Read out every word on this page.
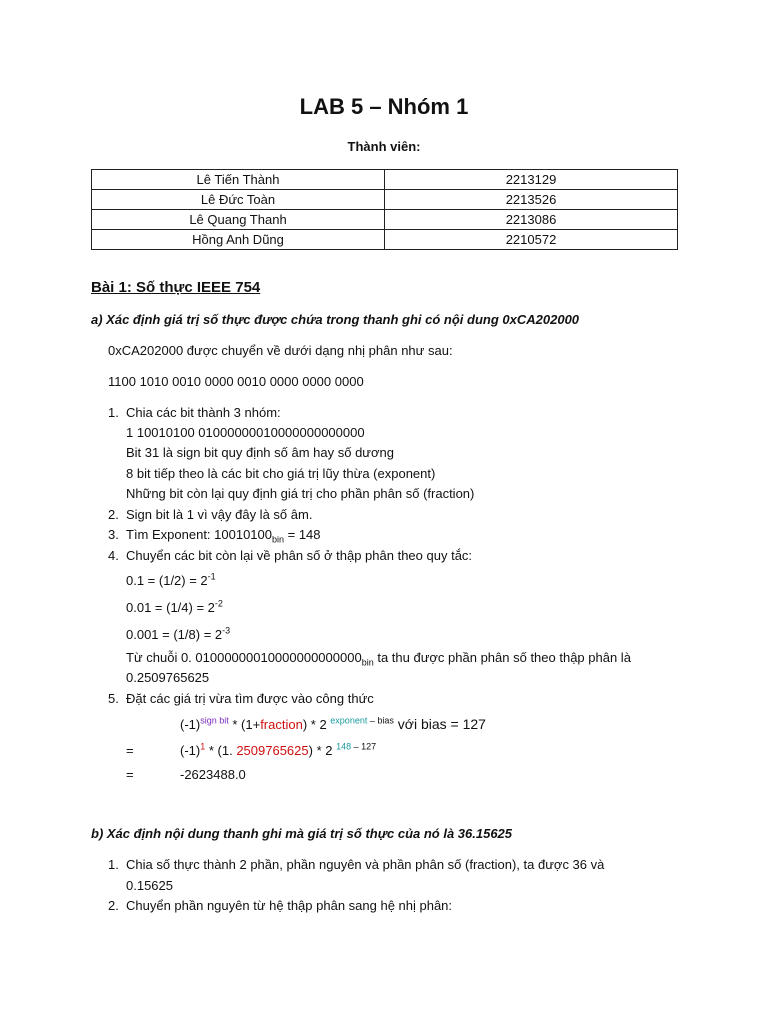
LAB 5 – Nhóm 1
Thành viên:
Lê Tiến Thành	2213129
Lê Đức Toàn	2213526
Lê Quang Thanh	2213086
Hồng Anh Dũng	2210572
Bài 1: Số thực IEEE 754
a) Xác định giá trị số thực được chứa trong thanh ghi có nội dung 0xCA202000
0xCA202000 được chuyển về dưới dạng nhị phân như sau:
1100 1010 0010 0000 0010 0000 0000 0000
1. Chia các bit thành 3 nhóm:
1 10010100 01000000010000000000000
Bit 31 là sign bit quy định số âm hay số dương
8 bit tiếp theo là các bit cho giá trị lũy thừa (exponent)
Những bit còn lại quy định giá trị cho phần phân số (fraction)
2. Sign bit là 1 vì vậy đây là số âm.
3. Tìm Exponent: $10010100_{bin} = 148$
4. Chuyển các bit còn lại về phân số ở thập phân theo quy tắc:
$0.1 = (1/2) = 2^{-1}$
$0.01 = (1/4) = 2^{-2}$
$0.001 = (1/8) = 2^{-3}$
Từ chuỗi 0. $01000000010000000000000_{bin}$ ta thu được phần phân số theo thập phân là
0.2509765625
5. Đặt các giá trị vừa tìm được vào công thức
$(-1)^{sign bit}$ * (1+fraction) * 2 $^{exponent - bias}$ với bias = 127
=	$(-1)^1 * (1$. 2509765625) * 2 $^{148 - 127}$
=	-2623488.0
b) Xác định nội dung thanh ghi mà giá trị số thực của nó là 36.15625
1. Chia số thực thành 2 phần, phần nguyên và phần phân số (fraction), ta được 36 và
0.15625
2. Chuyển phần nguyên từ hệ thập phân sang hệ nhị phân:
